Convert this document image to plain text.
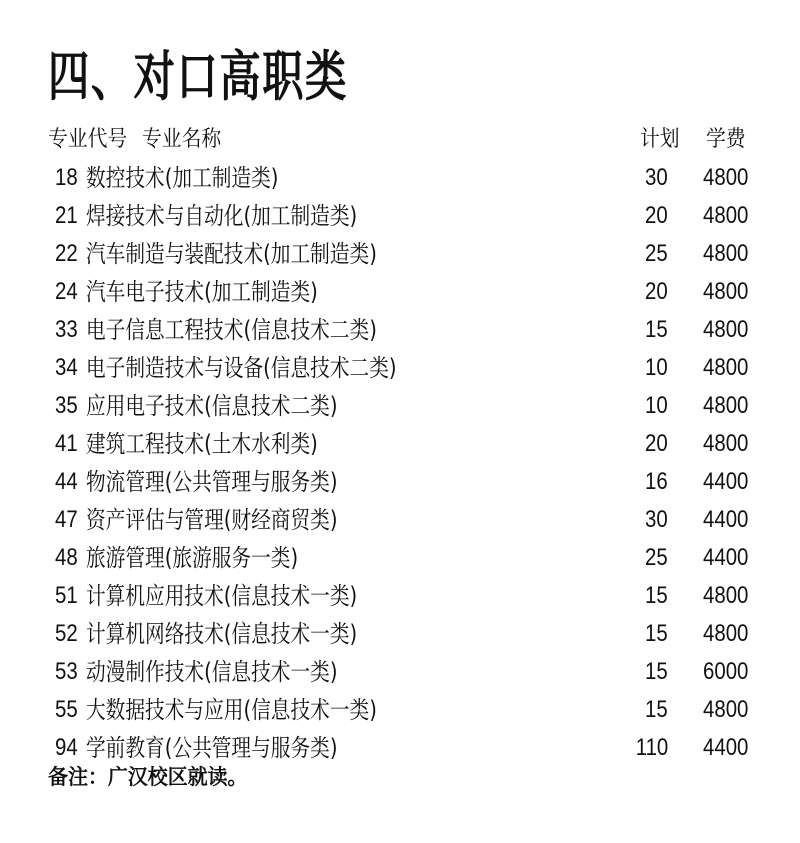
四、对口高职类
专业代号 专业名称	计划 学费
18 数控技术(加工制造类)	30 4800
21 焊接技术与自动化(加工制造类)	20 4800
22 汽车制造与装配技术(加工制造类)	25 4800
24 汽车电子技术(加工制造类)	20 4800
33 电子信息工程技术(信息技术二类)	15 4800
34 电子制造技术与设备(信息技术二类)	10 4800
35 应用电子技术(信息技术二类)	10 4800
41 建筑工程技术(土木水利类)	20 4800
44 物流管理(公共管理与服务类)	16 4400
47 资产评估与管理(财经商贸类)	30 4400
48 旅游管理(旅游服务一类)	25 4400
51 计算机应用技术(信息技术一类)	15 4800
52 计算机网络技术(信息技术一类)	15 4800
53 动漫制作技术(信息技术一类)	15 6000
55 大数据技术与应用(信息技术一类)	15 4800
94 学前教育(公共管理与服务类)	110 4400
备注：广汉校区就读。
